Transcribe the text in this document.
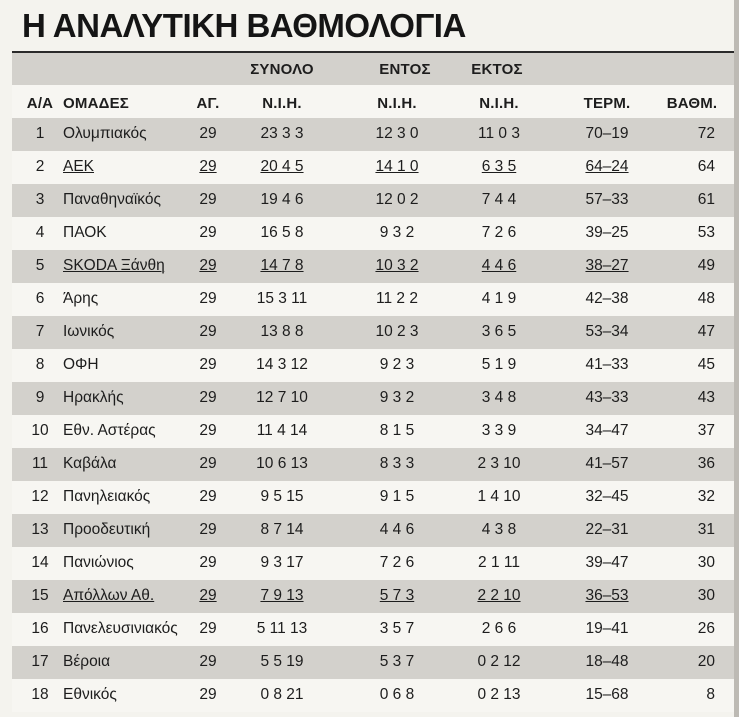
Η ΑΝΑΛΥΤΙΚΗ ΒΑΘΜΟΛΟΓΙΑ
ΣΥΝΟΛΟ	ΕΝΤΟΣ	ΕΚΤΟΣ
Α/Α ΟΜΑΔΕΣ	ΑΓ.	Ν.Ι.Η.	Ν.Ι.Η.	Ν.Ι.Η.	ΤΕΡΜ. ΒΑΘΜ.
1 Ολυμπιακός	29	23 3 3	12 3 0	11 0 3	70–19	72
2 ΑΕΚ	29	20 4 5	14 1 0	6 3 5	64–24	64
3 Παναθηναϊκός 29	19 4 6	12 0 2	7 4 4	57–33	61
4 ΠΑΟΚ	29	16 5 8	9 3 2	7 2 6	39–25	53
5 SKODA Ξάνθη 29	14 7 8	10 3 2	4 4 6	38–27	49
6 Άρης	29	15 3 11	11 2 2	4 1 9	42–38	48
7 Ιωνικός	29	13 8 8	10 2 3	3 6 5	53–34	47
8 ΟΦΗ	29	14 3 12	9 2 3	5 1 9	41–33	45
9 Ηρακλής	29	12 7 10	9 3 2	3 4 8	43–33	43
10 Εθν. Αστέρας	29	11 4 14	8 1 5	3 3 9	34–47	37
11 Καβάλα	29	10 6 13	8 3 3	2 3 10	41–57	36
12 Πανηλειακός	29	9 5 15	9 1 5	1 4 10	32–45	32
13 Προοδευτική	29	8 7 14	4 4 6	4 3 8	22–31	31
14 Πανιώνιος	29	9 3 17	7 2 6	2 1 11	39–47	30
15 Απόλλων Αθ.	29	7 9 13	5 7 3	2 2 10	36–53	30
16 Πανελευσινιακός 29	5 11 13	3 5 7	2 6 6	19–41	26
17 Βέροια	29	5 5 19	5 3 7	0 2 12	18–48	20
18 Εθνικός	29	0 8 21	0 6 8	0 2 13	15–68	8
